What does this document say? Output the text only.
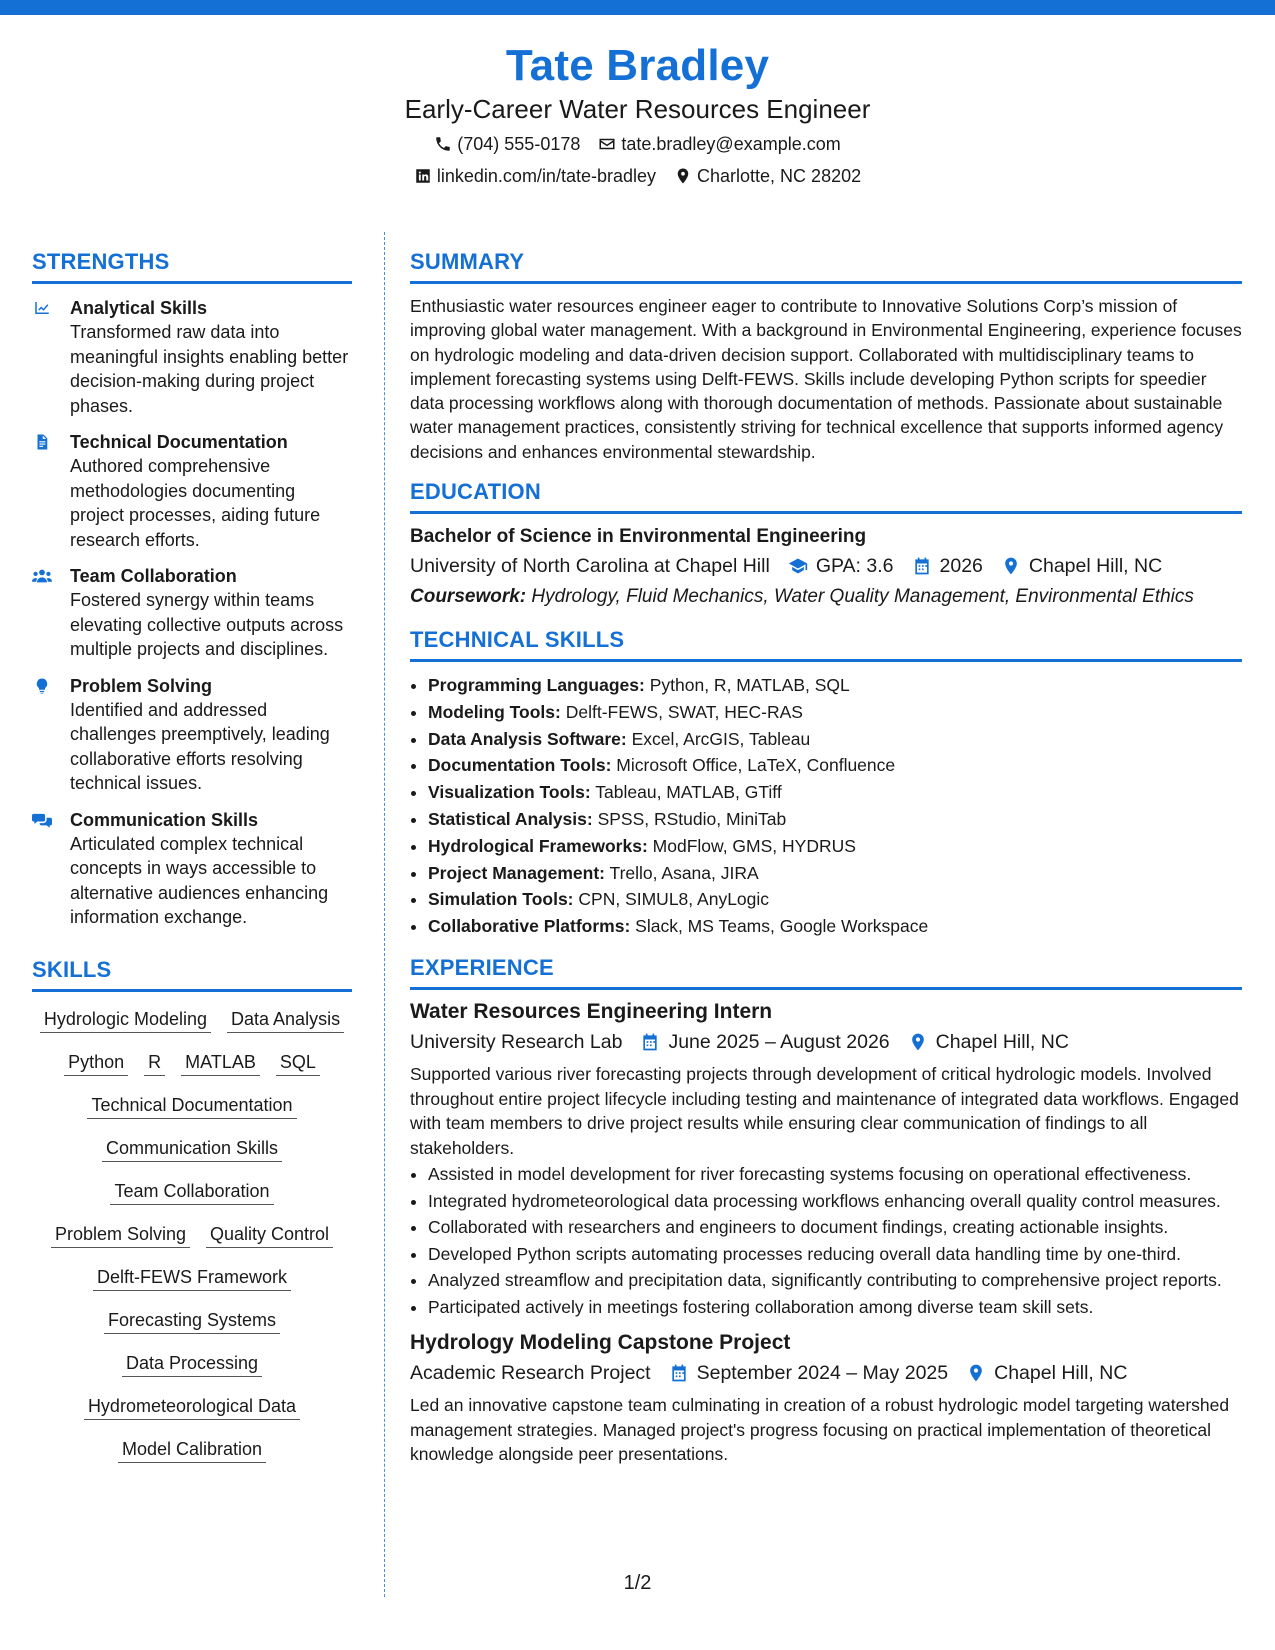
Tate Bradley
Early-Career Water Resources Engineer
(704) 555-0178 tate.bradley@example.com
linkedin.com/in/tate-bradley Charlotte, NC 28202
STRENGTHS
Analytical Skills
Transformed raw data into meaningful insights enabling better decision-making during project phases.
Technical Documentation
Authored comprehensive methodologies documenting project processes, aiding future research efforts.
Team Collaboration
Fostered synergy within teams elevating collective outputs across multiple projects and disciplines.
Problem Solving
Identified and addressed challenges preemptively, leading collaborative efforts resolving technical issues.
Communication Skills
Articulated complex technical concepts in ways accessible to alternative audiences enhancing information exchange.
SKILLS
Hydrologic Modeling Data Analysis
Python R MATLAB SQL
Technical Documentation
Communication Skills
Team Collaboration
Problem Solving Quality Control
Delft-FEWS Framework
Forecasting Systems
Data Processing
Hydrometeorological Data
Model Calibration
SUMMARY
Enthusiastic water resources engineer eager to contribute to Innovative Solutions Corp’s mission of improving global water management. With a background in Environmental Engineering, experience focuses on hydrologic modeling and data-driven decision support. Collaborated with multidisciplinary teams to implement forecasting systems using Delft-FEWS. Skills include developing Python scripts for speedier data processing workflows along with thorough documentation of methods. Passionate about sustainable water management practices, consistently striving for technical excellence that supports informed agency decisions and enhances environmental stewardship.
EDUCATION
Bachelor of Science in Environmental Engineering
University of North Carolina at Chapel Hill GPA: 3.6 2026 Chapel Hill, NC
Coursework: Hydrology, Fluid Mechanics, Water Quality Management, Environmental Ethics
TECHNICAL SKILLS
• Programming Languages: Python, R, MATLAB, SQL
• Modeling Tools: Delft-FEWS, SWAT, HEC-RAS
• Data Analysis Software: Excel, ArcGIS, Tableau
• Documentation Tools: Microsoft Office, LaTeX, Confluence
• Visualization Tools: Tableau, MATLAB, GTiff
• Statistical Analysis: SPSS, RStudio, MiniTab
• Hydrological Frameworks: ModFlow, GMS, HYDRUS
• Project Management: Trello, Asana, JIRA
• Simulation Tools: CPN, SIMUL8, AnyLogic
• Collaborative Platforms: Slack, MS Teams, Google Workspace
EXPERIENCE
Water Resources Engineering Intern
University Research Lab June 2025 – August 2026 Chapel Hill, NC
Supported various river forecasting projects through development of critical hydrologic models. Involved throughout entire project lifecycle including testing and maintenance of integrated data workflows. Engaged with team members to drive project results while ensuring clear communication of findings to all stakeholders.
• Assisted in model development for river forecasting systems focusing on operational effectiveness.
• Integrated hydrometeorological data processing workflows enhancing overall quality control measures.
• Collaborated with researchers and engineers to document findings, creating actionable insights.
• Developed Python scripts automating processes reducing overall data handling time by one-third.
• Analyzed streamflow and precipitation data, significantly contributing to comprehensive project reports.
• Participated actively in meetings fostering collaboration among diverse team skill sets.
Hydrology Modeling Capstone Project
Academic Research Project September 2024 – May 2025 Chapel Hill, NC
Led an innovative capstone team culminating in creation of a robust hydrologic model targeting watershed management strategies. Managed project's progress focusing on practical implementation of theoretical knowledge alongside peer presentations.
1/2
